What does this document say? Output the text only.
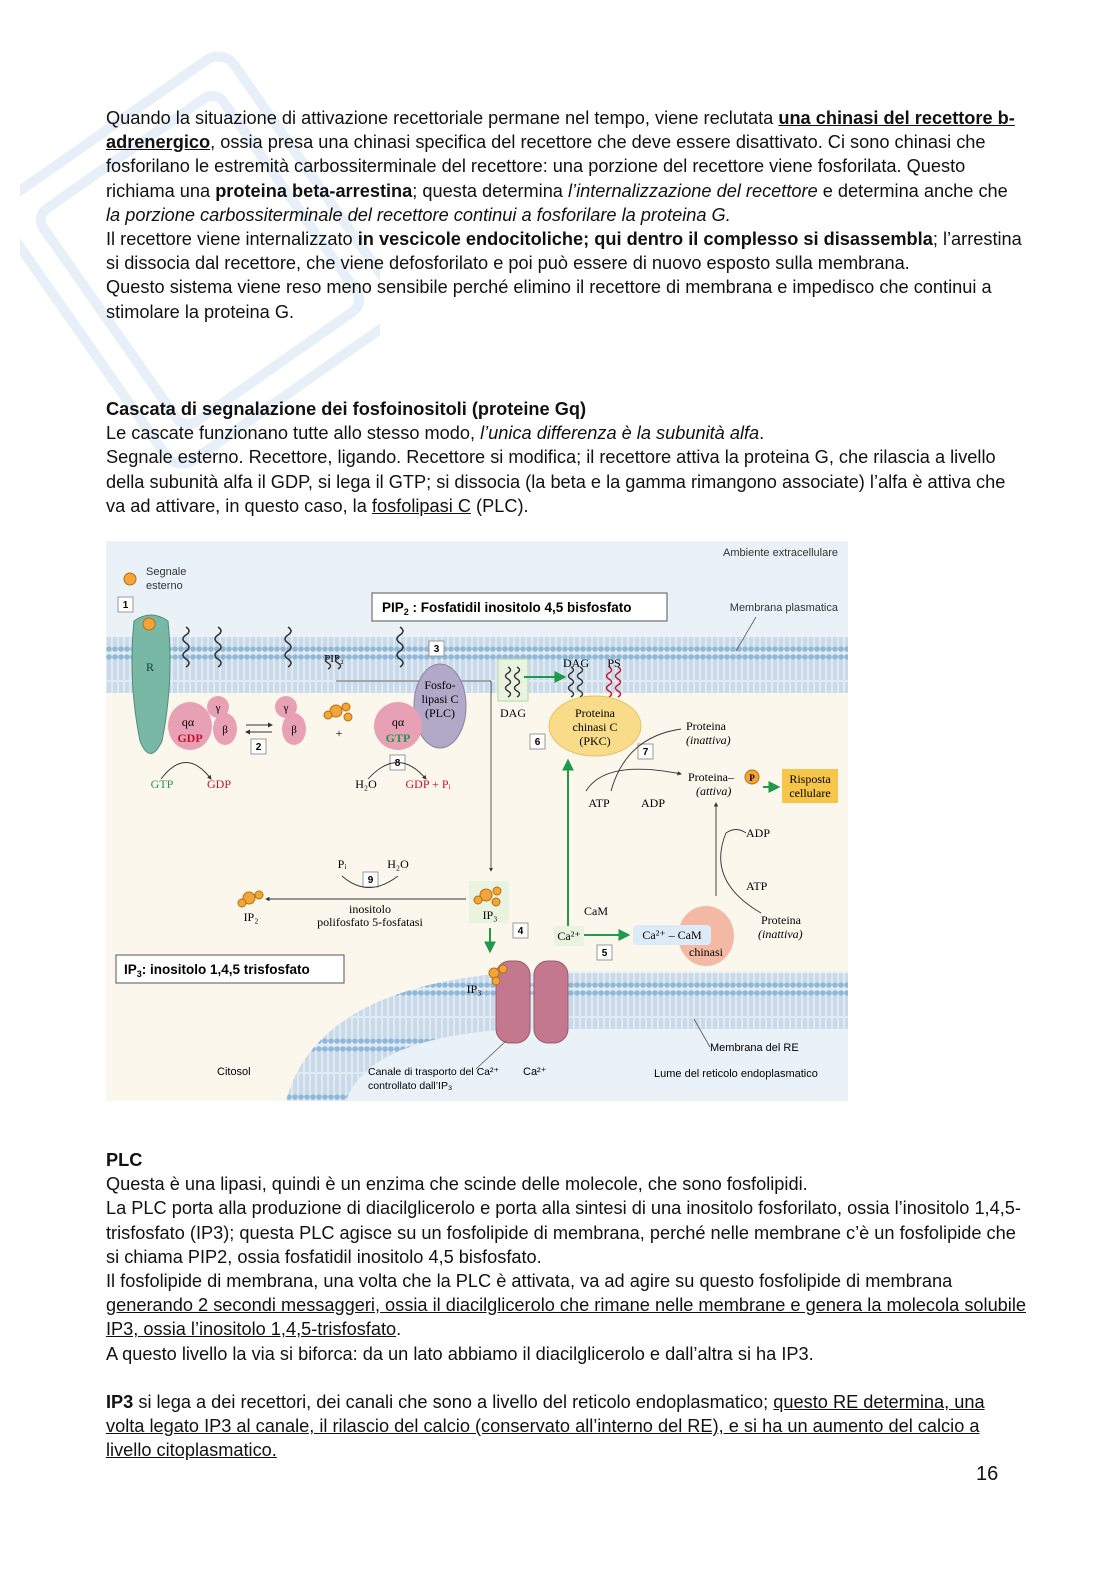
Quando la situazione di attivazione recettoriale permane nel tempo, viene reclutata una chinasi del recettore b-adrenergico, ossia presa una chinasi specifica del recettore che deve essere disattivato. Ci sono chinasi che fosforilano le estremità carbossiterminale del recettore: una porzione del recettore viene fosforilata. Questo richiama una proteina beta-arrestina; questa determina l’internalizzazione del recettore e determina anche che la porzione carbossiterminale del recettore continui a fosforilare la proteina G.

Il recettore viene internalizzato in vescicole endocitoliche; qui dentro il complesso si disassembla; l’arrestina si dissocia dal recettore, che viene defosforilato e poi può essere di nuovo esposto sulla membrana.

Questo sistema viene reso meno sensibile perché elimino il recettore di membrana e impedisco che continui a stimolare la proteina G.

Cascata di segnalazione dei fosfoinositoli (proteine Gq)

Le cascate funzionano tutte allo stesso modo, l’unica differenza è la subunità alfa.

Segnale esterno. Recettore, ligando. Recettore si modifica; il recettore attiva la proteina G, che rilascia a livello della subunità alfa il GDP, si lega il GTP; si dissocia (la beta e la gamma rimangono associate) l’alfa è attiva che va ad attivare, in questo caso, la fosfolipasi C (PLC).

Ambiente extracellulare
Segnale
esterno
1
2
3
4
5
6
7
8
9
$PIP_2$ : Fosfatidil inositolo 4,5 bisfosfato	Membrana plasmatica
R
qα
GDP
γ
β
γ
β	+
PIP₂
Fosfo-
lipasi C
(PLC)
qα
GTP
GTP	GDP	H₂O GDP + Pᵢ
DAG
DAG PS
Proteina
chinasi C
(PKC)
Proteina
(inattiva)
ATP	ADP
Proteina–
(attiva)
P	Risposta
cellulare
ADP
ATP
Proteina
(inattiva)
chinasi
Ca²⁺ – CaM
CaM
Ca²⁺
IP₃
Pᵢ	H₂O
inositolo
polifosfato 5-fosfatasi
IP₂
$IP_3$: inositolo 1,4,5 trisfosfato
IP₃
Membrana del RE
Citosol	Canale di trasporto del Ca²⁺
controllato dall’IP₃
Ca²⁺	Lume del reticolo endoplasmatico

PLC

Questa è una lipasi, quindi è un enzima che scinde delle molecole, che sono fosfolipidi.

La PLC porta alla produzione di diacilglicerolo e porta alla sintesi di una inositolo fosforilato, ossia l’inositolo 1,4,5-trisfosfato (IP3); questa PLC agisce su un fosfolipide di membrana, perché nelle membrane c’è un fosfolipide che si chiama PIP2, ossia fosfatidil inositolo 4,5 bisfosfato.

Il fosfolipide di membrana, una volta che la PLC è attivata, va ad agire su questo fosfolipide di membrana generando 2 secondi messaggeri, ossia il diacilglicerolo che rimane nelle membrane e genera la molecola solubile IP3, ossia l’inositolo 1,4,5-trisfosfato.

A questo livello la via si biforca: da un lato abbiamo il diacilglicerolo e dall’altra si ha IP3.

IP3 si lega a dei recettori, dei canali che sono a livello del reticolo endoplasmatico; questo RE determina, una volta legato IP3 al canale, il rilascio del calcio (conservato all’interno del RE), e si ha un aumento del calcio a livello citoplasmatico.

16
